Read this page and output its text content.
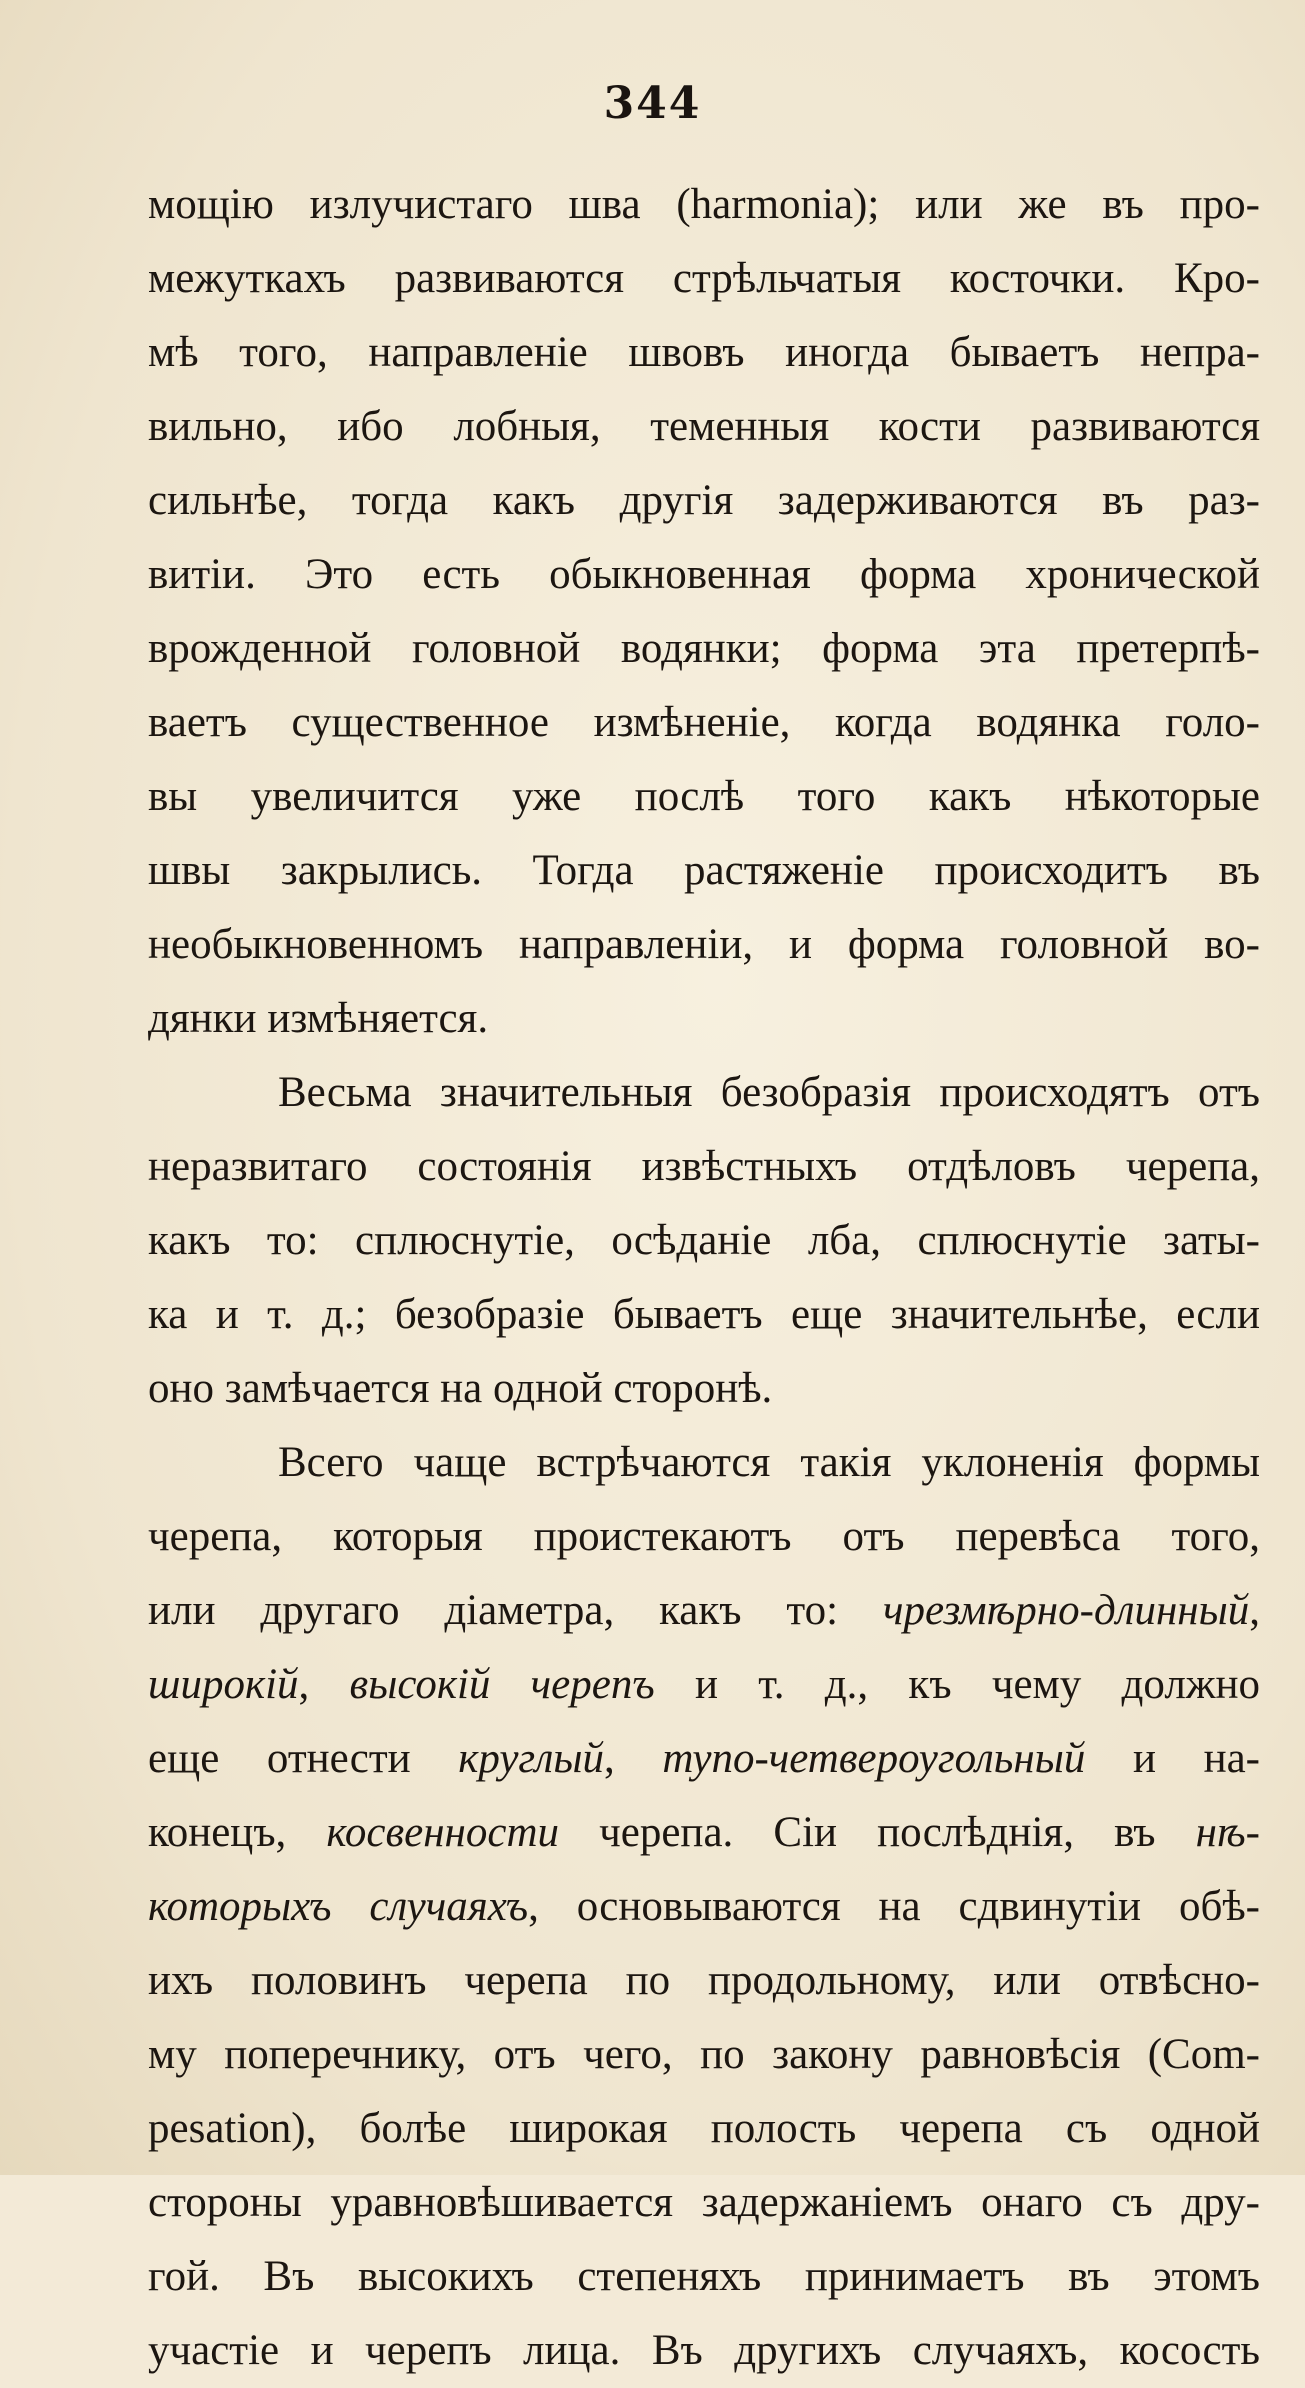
344
мощію излучистаго шва (harmonia); или же въ про-
межуткахъ развиваются стрѣльчатыя косточки. Кро-
мѣ того, направленіе швовъ иногда бываетъ непра-
вильно, ибо лобныя, теменныя кости развиваются
сильнѣе, тогда какъ другія задерживаются въ раз-
витіи. Это есть обыкновенная форма хронической
врожденной головной водянки; форма эта претерпѣ-
ваетъ существенное измѣненіе, когда водянка голо-
вы увеличится уже послѣ того какъ нѣкоторые
швы закрылись. Тогда растяженіе происходитъ въ
необыкновенномъ направленіи, и форма головной во-
дянки измѣняется.
Весьма значительныя безобразія происходятъ отъ
неразвитаго состоянія извѣстныхъ отдѣловъ черепа,
какъ то: сплюснутіе, осѣданіе лба, сплюснутіе заты-
ка и т. д.; безобразіе бываетъ еще значительнѣе, если
оно замѣчается на одной сторонѣ.
Всего чаще встрѣчаются такія уклоненія формы
черепа, которыя проистекаютъ отъ перевѣса того,
или другаго діаметра, какъ то: чрезмѣрно-длинный,
широкій, высокій черепъ и т. д., къ чему должно
еще отнести круглый, тупо-четвероугольный и на-
конецъ, косвенности черепа. Сіи послѣднія, въ нѣ-
которыхъ случаяхъ, основываются на сдвинутіи обѣ-
ихъ половинъ черепа по продольному, или отвѣсно-
му поперечнику, отъ чего, по закону равновѣсія (Com-
pesation), болѣе широкая полость черепа съ одной
стороны уравновѣшивается задержаніемъ онаго съ дру-
гой. Въ высокихъ степеняхъ принимаетъ въ этомъ
участіе и черепъ лица. Въ другихъ случаяхъ, косость
